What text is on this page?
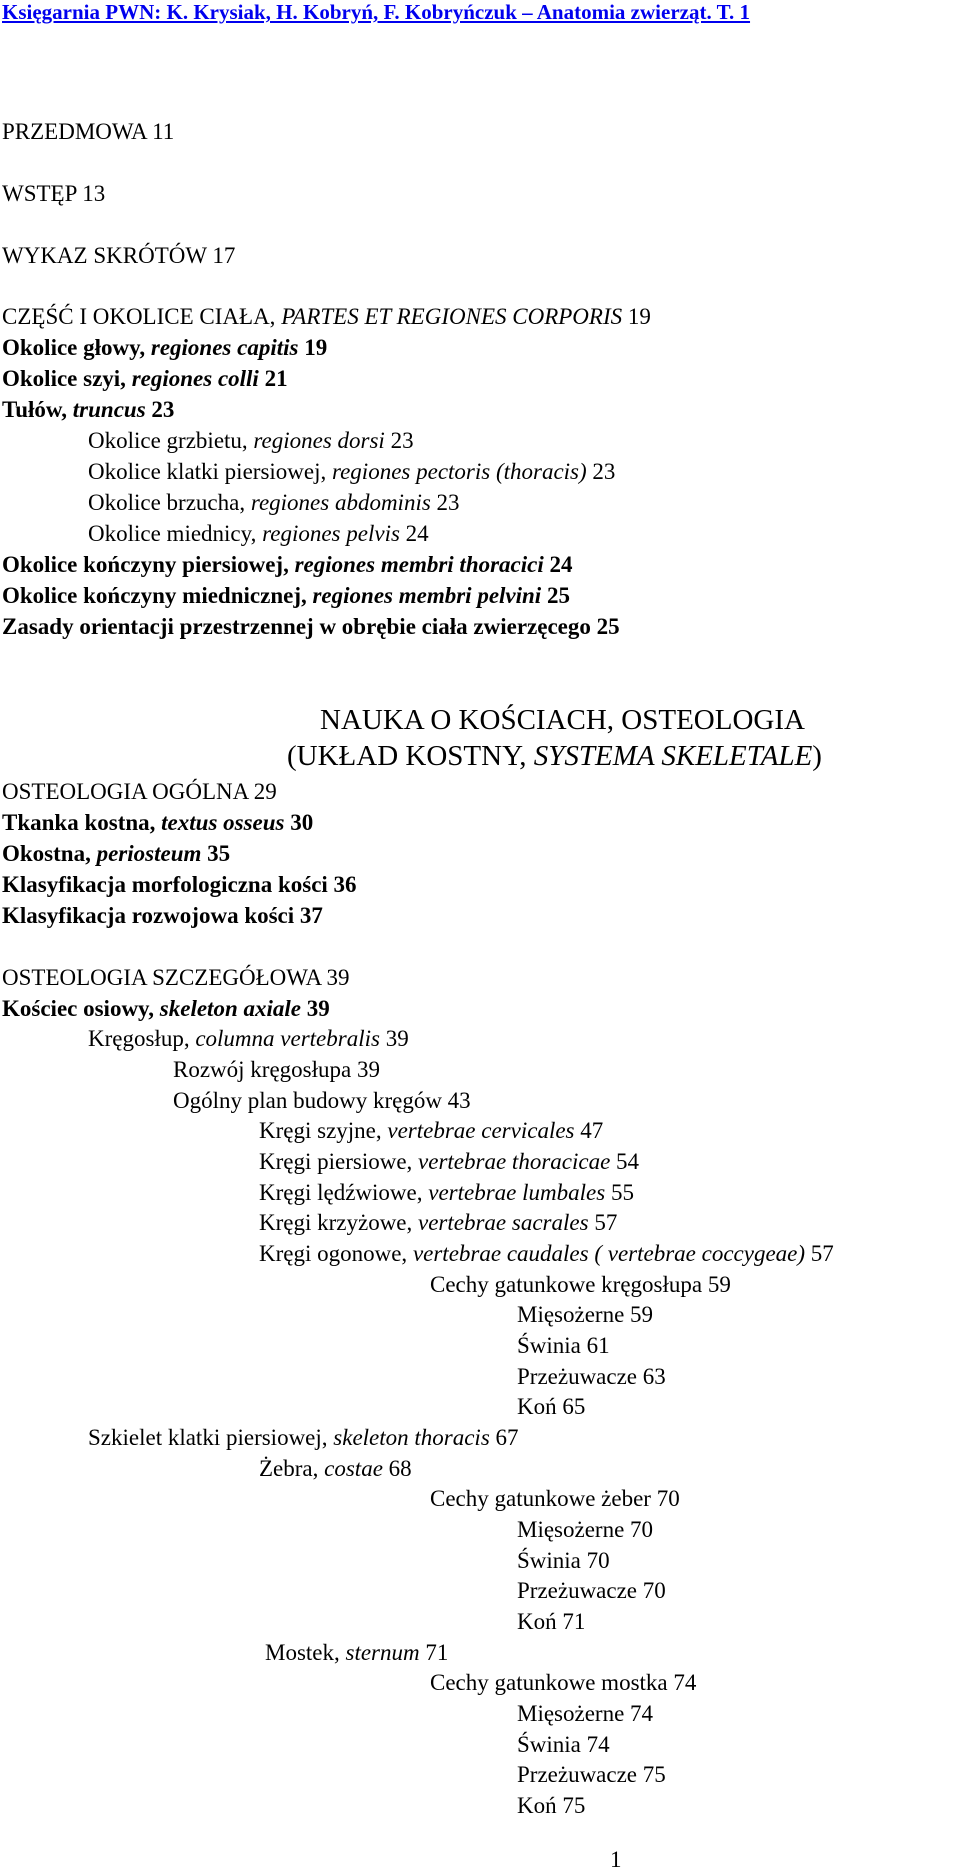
Księgarnia PWN: K. Krysiak, H. Kobryń, F. Kobryńczuk – Anatomia zwierząt. T. 1
PRZEDMOWA 11
WSTĘP 13
WYKAZ SKRÓTÓW 17
CZĘŚĆ I OKOLICE CIAŁA, PARTES ET REGIONES CORPORIS 19
Okolice głowy, regiones capitis 19
Okolice szyi, regiones colli 21
Tułów, truncus 23
Okolice grzbietu, regiones dorsi 23
Okolice klatki piersiowej, regiones pectoris (thoracis) 23
Okolice brzucha, regiones abdominis 23
Okolice miednicy, regiones pelvis 24
Okolice kończyny piersiowej, regiones membri thoracici 24
Okolice kończyny miednicznej, regiones membri pelvini 25
Zasady orientacji przestrzennej w obrębie ciała zwierzęcego 25
OSTEOLOGIA OGÓLNA 29
Tkanka kostna, textus osseus 30
Okostna, periosteum 35
Klasyfikacja morfologiczna kości 36
Klasyfikacja rozwojowa kości 37
OSTEOLOGIA SZCZEGÓŁOWA 39
Kościec osiowy, skeleton axiale 39
Kręgosłup, columna vertebralis 39
Rozwój kręgosłupa 39
Ogólny plan budowy kręgów 43
Kręgi szyjne, vertebrae cervicales 47
Kręgi piersiowe, vertebrae thoracicae 54
Kręgi lędźwiowe, vertebrae lumbales 55
Kręgi krzyżowe, vertebrae sacrales 57
Kręgi ogonowe, vertebrae caudales ( vertebrae coccygeae) 57
Cechy gatunkowe kręgosłupa 59
Mięsożerne 59
Świnia 61
Przeżuwacze 63
Koń 65
Szkielet klatki piersiowej, skeleton thoracis 67
Żebra, costae 68
Cechy gatunkowe żeber 70
Mięsożerne 70
Świnia 70
Przeżuwacze 70
Koń 71
Mostek, sternum 71
Cechy gatunkowe mostka 74
Mięsożerne 74
Świnia 74
Przeżuwacze 75
Koń 75
NAUKA O KOŚCIACH, OSTEOLOGIA
(UKŁAD KOSTNY, SYSTEMA SKELETALE)
1
